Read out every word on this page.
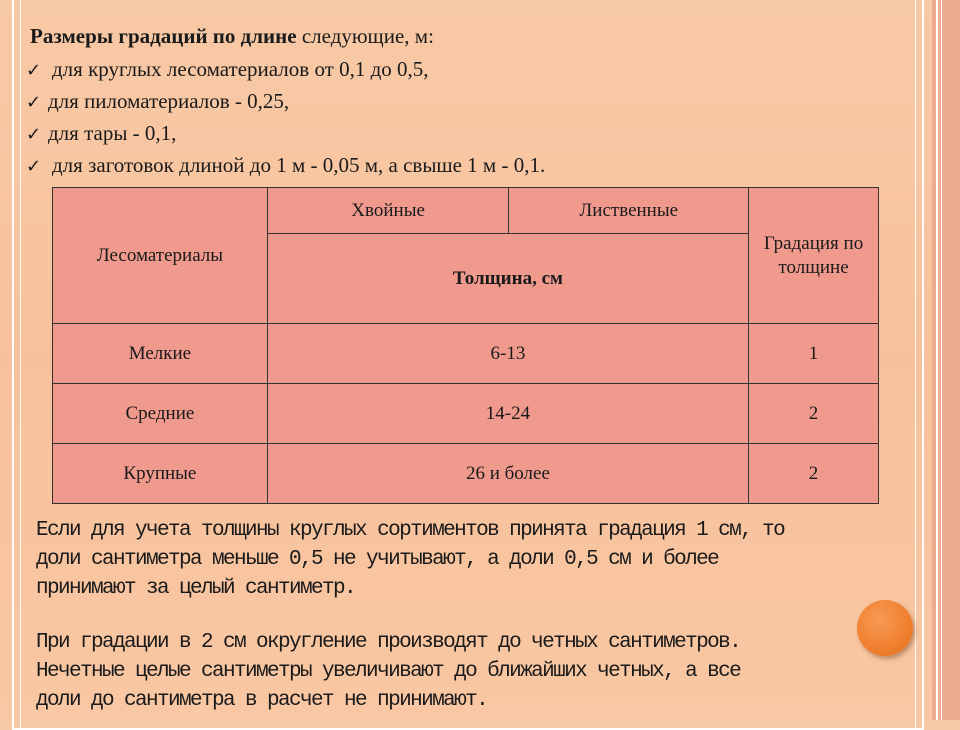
Размеры градаций по длине следующие, м:
✓ для круглых лесоматериалов от 0,1 до 0,5,
✓ для пиломатериалов - 0,25,
✓ для тары - 0,1,
✓ для заготовок длиной до 1 м - 0,05 м, а свыше 1 м - 0,1.
Лесоматериалы	Хвойные	Лиственные	Градация по толщине
	Толщина, см		
Мелкие	6-13		1
Средние	14-24		2
Крупные	26 и более		2
Если для учета толщины круглых сортиментов принята градация 1 см, то
доли сантиметра меньше 0,5 не учитывают, а доли 0,5 см и более
принимают за целый сантиметр.
При градации в 2 см округление производят до четных сантиметров.
Нечетные целые сантиметры увеличивают до ближайших четных, а все
доли до сантиметра в расчет не принимают.
